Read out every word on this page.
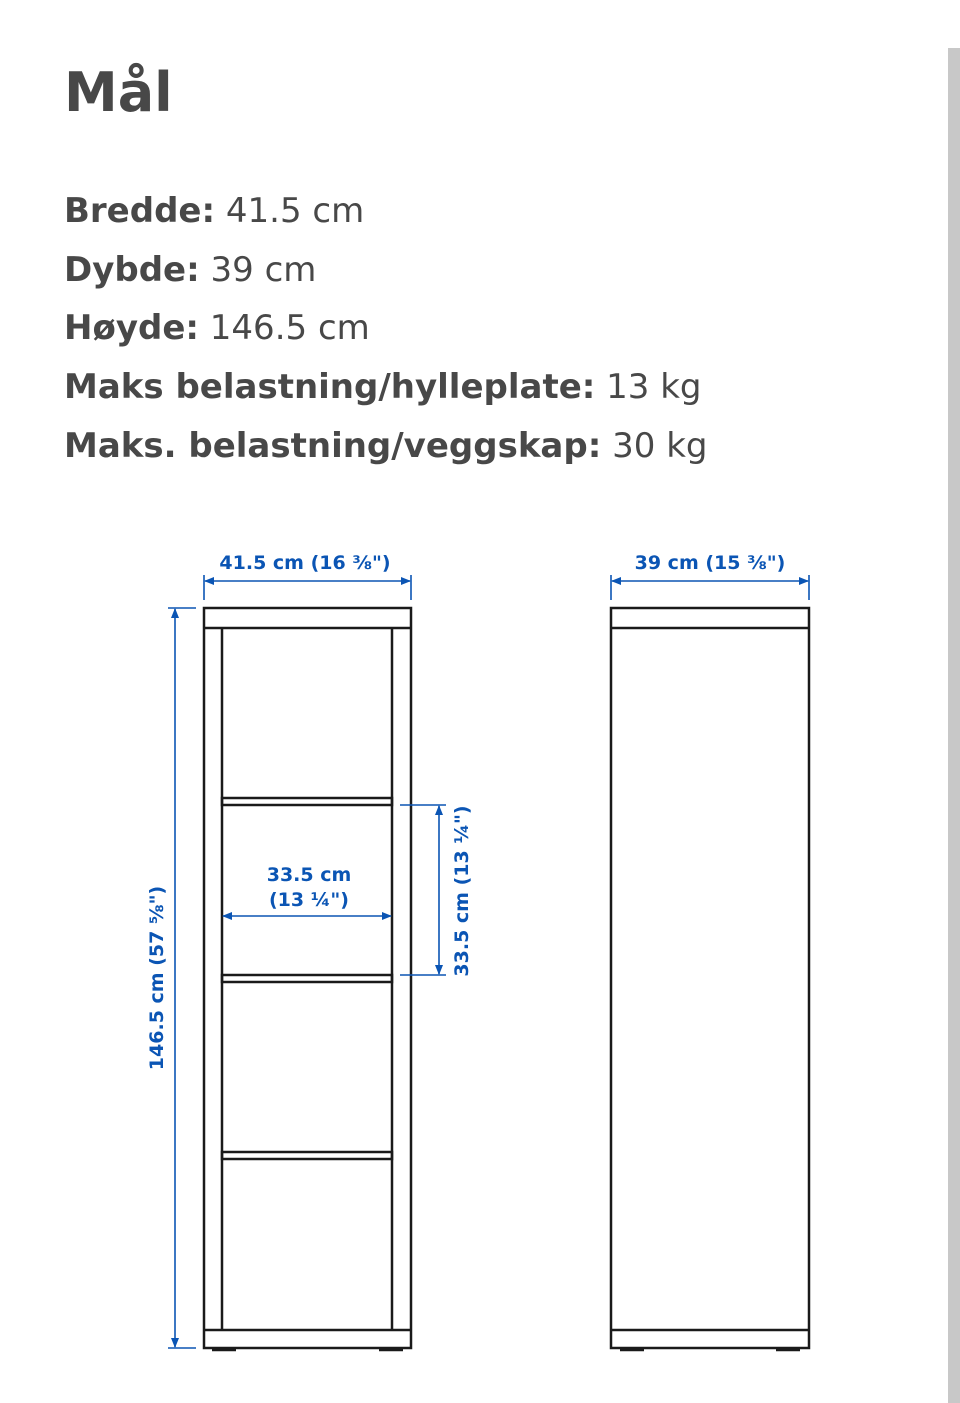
Mål
Bredde: 41.5 cm
Dybde: 39 cm
Høyde: 146.5 cm
Maks belastning/hylleplate: 13 kg
Maks. belastning/veggskap: 30 kg
41.5 cm (16 ⅜")	39 cm (15 ⅜")
146.5 cm (57 ⅝")
33.5 cm
(13 ¼")	33.5 cm (13 ¼")
